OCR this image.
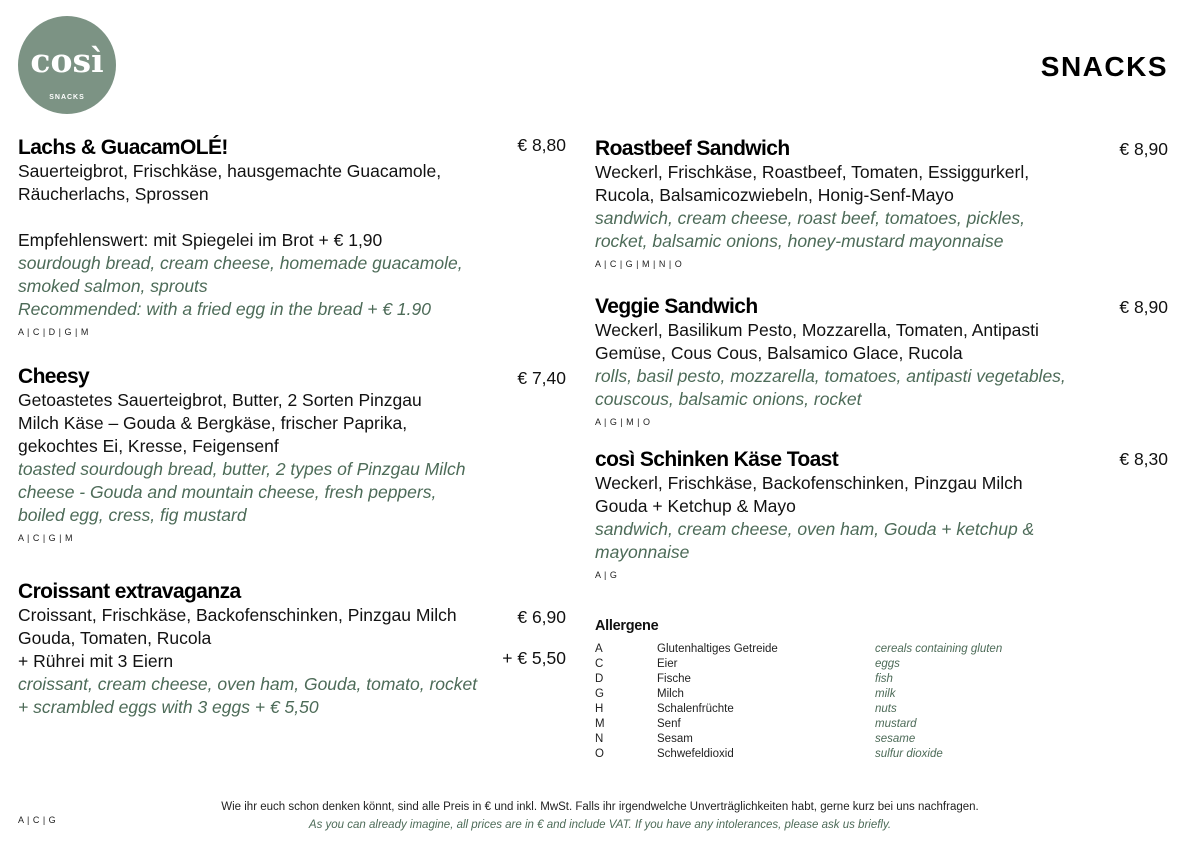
così
SNACKS
SNACKS
Lachs & GuacamOLÉ!
Sauerteigbrot, Frischkäse, hausgemachte Guacamole,
Räucherlachs, Sprossen
Empfehlenswert: mit Spiegelei im Brot + € 1,90
sourdough bread, cream cheese, homemade guacamole,
smoked salmon, sprouts
Recommended: with a fried egg in the bread + € 1.90
A | C | D | G | M
€ 8,80
Cheesy
Getoastetes Sauerteigbrot, Butter, 2 Sorten Pinzgau
Milch Käse – Gouda & Bergkäse, frischer Paprika,
gekochtes Ei, Kresse, Feigensenf
toasted sourdough bread, butter, 2 types of Pinzgau Milch
cheese - Gouda and mountain cheese, fresh peppers,
boiled egg, cress, fig mustard
A | C | G | M
€ 7,40
Croissant extravaganza
Croissant, Frischkäse, Backofenschinken, Pinzgau Milch
Gouda, Tomaten, Rucola
+ Rührei mit 3 Eiern
croissant, cream cheese, oven ham, Gouda, tomato, rocket
+ scrambled eggs with 3 eggs + € 5,50
€ 6,90
+ € 5,50
Roastbeef Sandwich
Weckerl, Frischkäse, Roastbeef, Tomaten, Essiggurkerl,
Rucola, Balsamicozwiebeln, Honig-Senf-Mayo
sandwich, cream cheese, roast beef, tomatoes, pickles,
rocket, balsamic onions, honey-mustard mayonnaise
A | C | G | M | N | O
€ 8,90
Veggie Sandwich
Weckerl, Basilikum Pesto, Mozzarella, Tomaten, Antipasti
Gemüse, Cous Cous, Balsamico Glace, Rucola
rolls, basil pesto, mozzarella, tomatoes, antipasti vegetables,
couscous, balsamic onions, rocket
A | G | M | O
€ 8,90
così Schinken Käse Toast
Weckerl, Frischkäse, Backofenschinken, Pinzgau Milch
Gouda + Ketchup & Mayo
sandwich, cream cheese, oven ham, Gouda + ketchup &
mayonnaise
A | G
€ 8,30
Allergene
A	Glutenhaltiges Getreide	cereals containing gluten
C	Eier	eggs
D	Fische	fish
G	Milch	milk
H	Schalenfrüchte	nuts
M	Senf	mustard
N	Sesam	sesame
O	Schwefeldioxid	sulfur dioxide
A | C | G
Wie ihr euch schon denken könnt, sind alle Preis in € und inkl. MwSt. Falls ihr irgendwelche Unverträglichkeiten habt, gerne kurz bei uns nachfragen.
As you can already imagine, all prices are in € and include VAT. If you have any intolerances, please ask us briefly.
